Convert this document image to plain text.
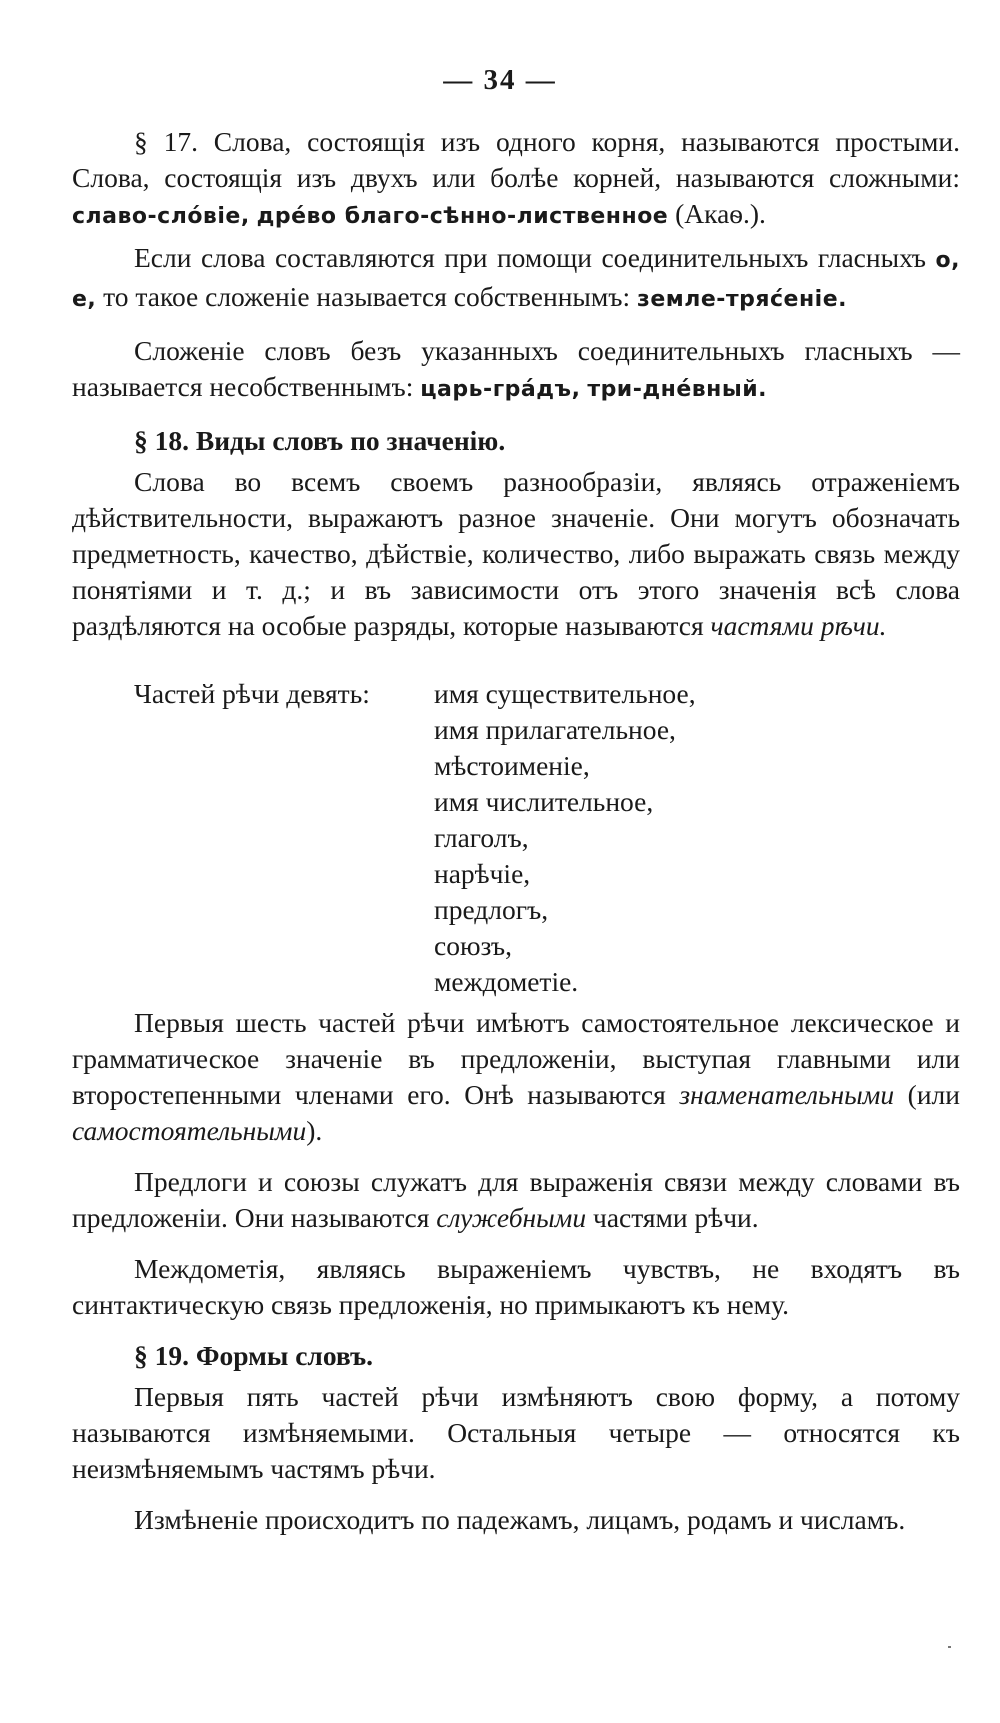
— 34 —

§ 17. Слова, состоящія изъ одного корня, называются простыми. Слова, состоящія изъ двухъ или болѣе корней, называются сложными: славо-сло́віе, дре́во благо-сѣнно-лиственное (Акаѳ.).

Если слова составляются при помощи соединительныхъ гласныхъ о, е, то такое сложеніе называется собственнымъ: земле-тряс́еніе.

Сложеніе словъ безъ указанныхъ соединительныхъ гласныхъ — называется несобственнымъ: царь-гра́дъ, три-дне́вный.

§ 18. Виды словъ по значенію.

Слова во всемъ своемъ разнообразіи, являясь отраженіемъ дѣйствительности, выражаютъ разное значеніе. Они могутъ обозначать предметность, качество, дѣйствіе, количество, либо выражать связь между понятіями и т. д.; и въ зависимости отъ этого значенія всѣ слова раздѣляются на особые разряды, которые называются частями рѣчи.

Частей рѣчи девять:	имя существительное,
имя прилагательное,
мѣстоименіе,
имя числительное,
глаголъ,
нарѣчіе,
предлогъ,
союзъ,
междометіе.

Первыя шесть частей рѣчи имѣютъ самостоятельное лексическое и грамматическое значеніе въ предложеніи, выступая главными или второстепенными членами его. Онѣ называются знаменательными (или самостоятельными).

Предлоги и союзы служатъ для выраженія связи между словами въ предложеніи. Они называются служебными частями рѣчи.

Междометія, являясь выраженіемъ чувствъ, не входятъ въ синтактическую связь предложенія, но примыкаютъ къ нему.

§ 19. Формы словъ.

Первыя пять частей рѣчи измѣняютъ свою форму, а потому называются измѣняемыми. Остальныя четыре — относятся къ неизмѣняемымъ частямъ рѣчи.

Измѣненіе происходитъ по падежамъ, лицамъ, родамъ и числамъ.
